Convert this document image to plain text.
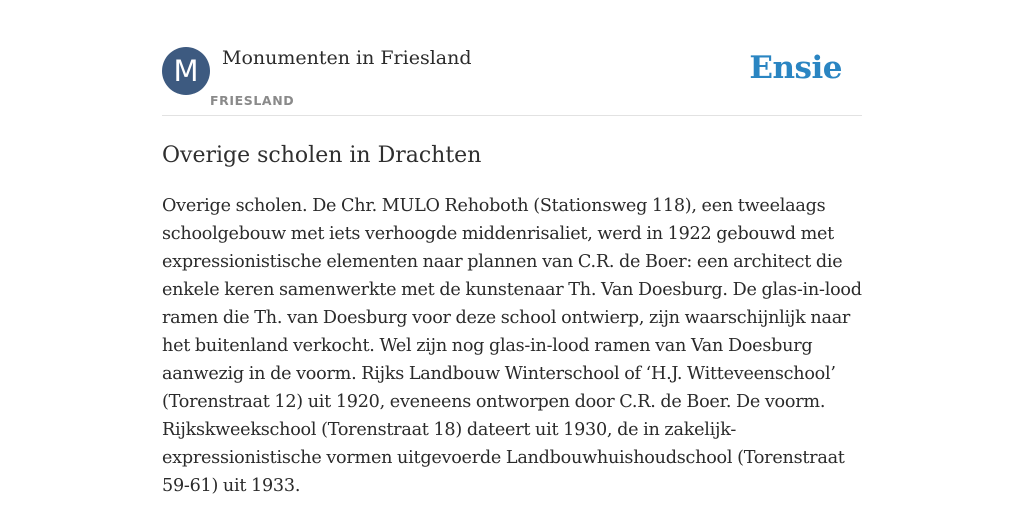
M	Monumenten in Friesland
FRIESLAND
Ensie
Overige scholen in Drachten

Overige scholen. De Chr. MULO Rehoboth (Stationsweg 118), een tweelaags schoolgebouw met iets verhoogde middenrisaliet, werd in 1922 gebouwd met expressionistische elementen naar plannen van C.R. de Boer: een architect die enkele keren samenwerkte met de kunstenaar Th. Van Doesburg. De glas-in-lood ramen die Th. van Doesburg voor deze school ontwierp, zijn waarschijnlijk naar het buitenland verkocht. Wel zijn nog glas-in-lood ramen van Van Doesburg aanwezig in de voorm. Rijks Landbouw Winterschool of ‘H.J. Witteveenschool’ (Torenstraat 12) uit 1920, eveneens ontworpen door C.R. de Boer. De voorm. Rijkskweekschool (Torenstraat 18) dateert uit 1930, de in zakelijk-expressionistische vormen uitgevoerde Landbouwhuishoudschool (Torenstraat 59-61) uit 1933.
